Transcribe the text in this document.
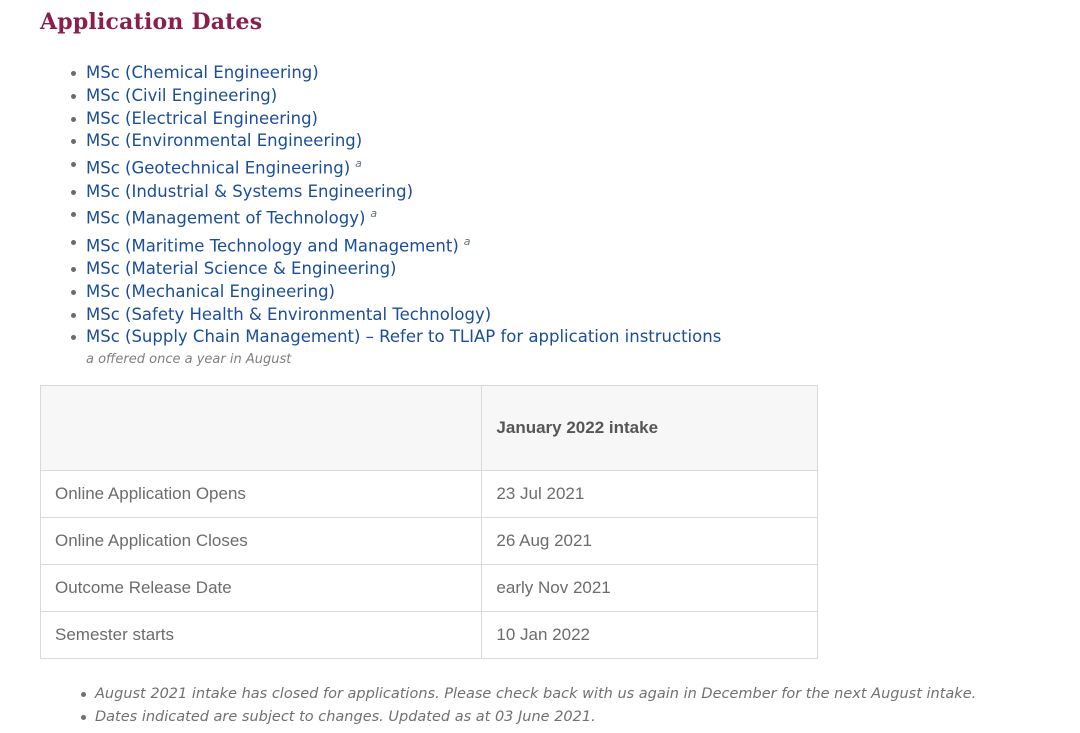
Application Dates
MSc (Chemical Engineering)
MSc (Civil Engineering)
MSc (Electrical Engineering)
MSc (Environmental Engineering)
MSc (Geotechnical Engineering) $^a$
MSc (Industrial & Systems Engineering)
MSc (Management of Technology) $^a$
MSc (Maritime Technology and Management) $^a$
MSc (Material Science & Engineering)
MSc (Mechanical Engineering)
MSc (Safety Health & Environmental Technology)
MSc (Supply Chain Management) – Refer to TLIAP for application instructions
a offered once a year in August
	January 2022 intake
Online Application Opens	23 Jul 2021
Online Application Closes	26 Aug 2021
Outcome Release Date	early Nov 2021
Semester starts	10 Jan 2022
August 2021 intake has closed for applications. Please check back with us again in December for the next August intake.
Dates indicated are subject to changes. Updated as at 03 June 2021.
